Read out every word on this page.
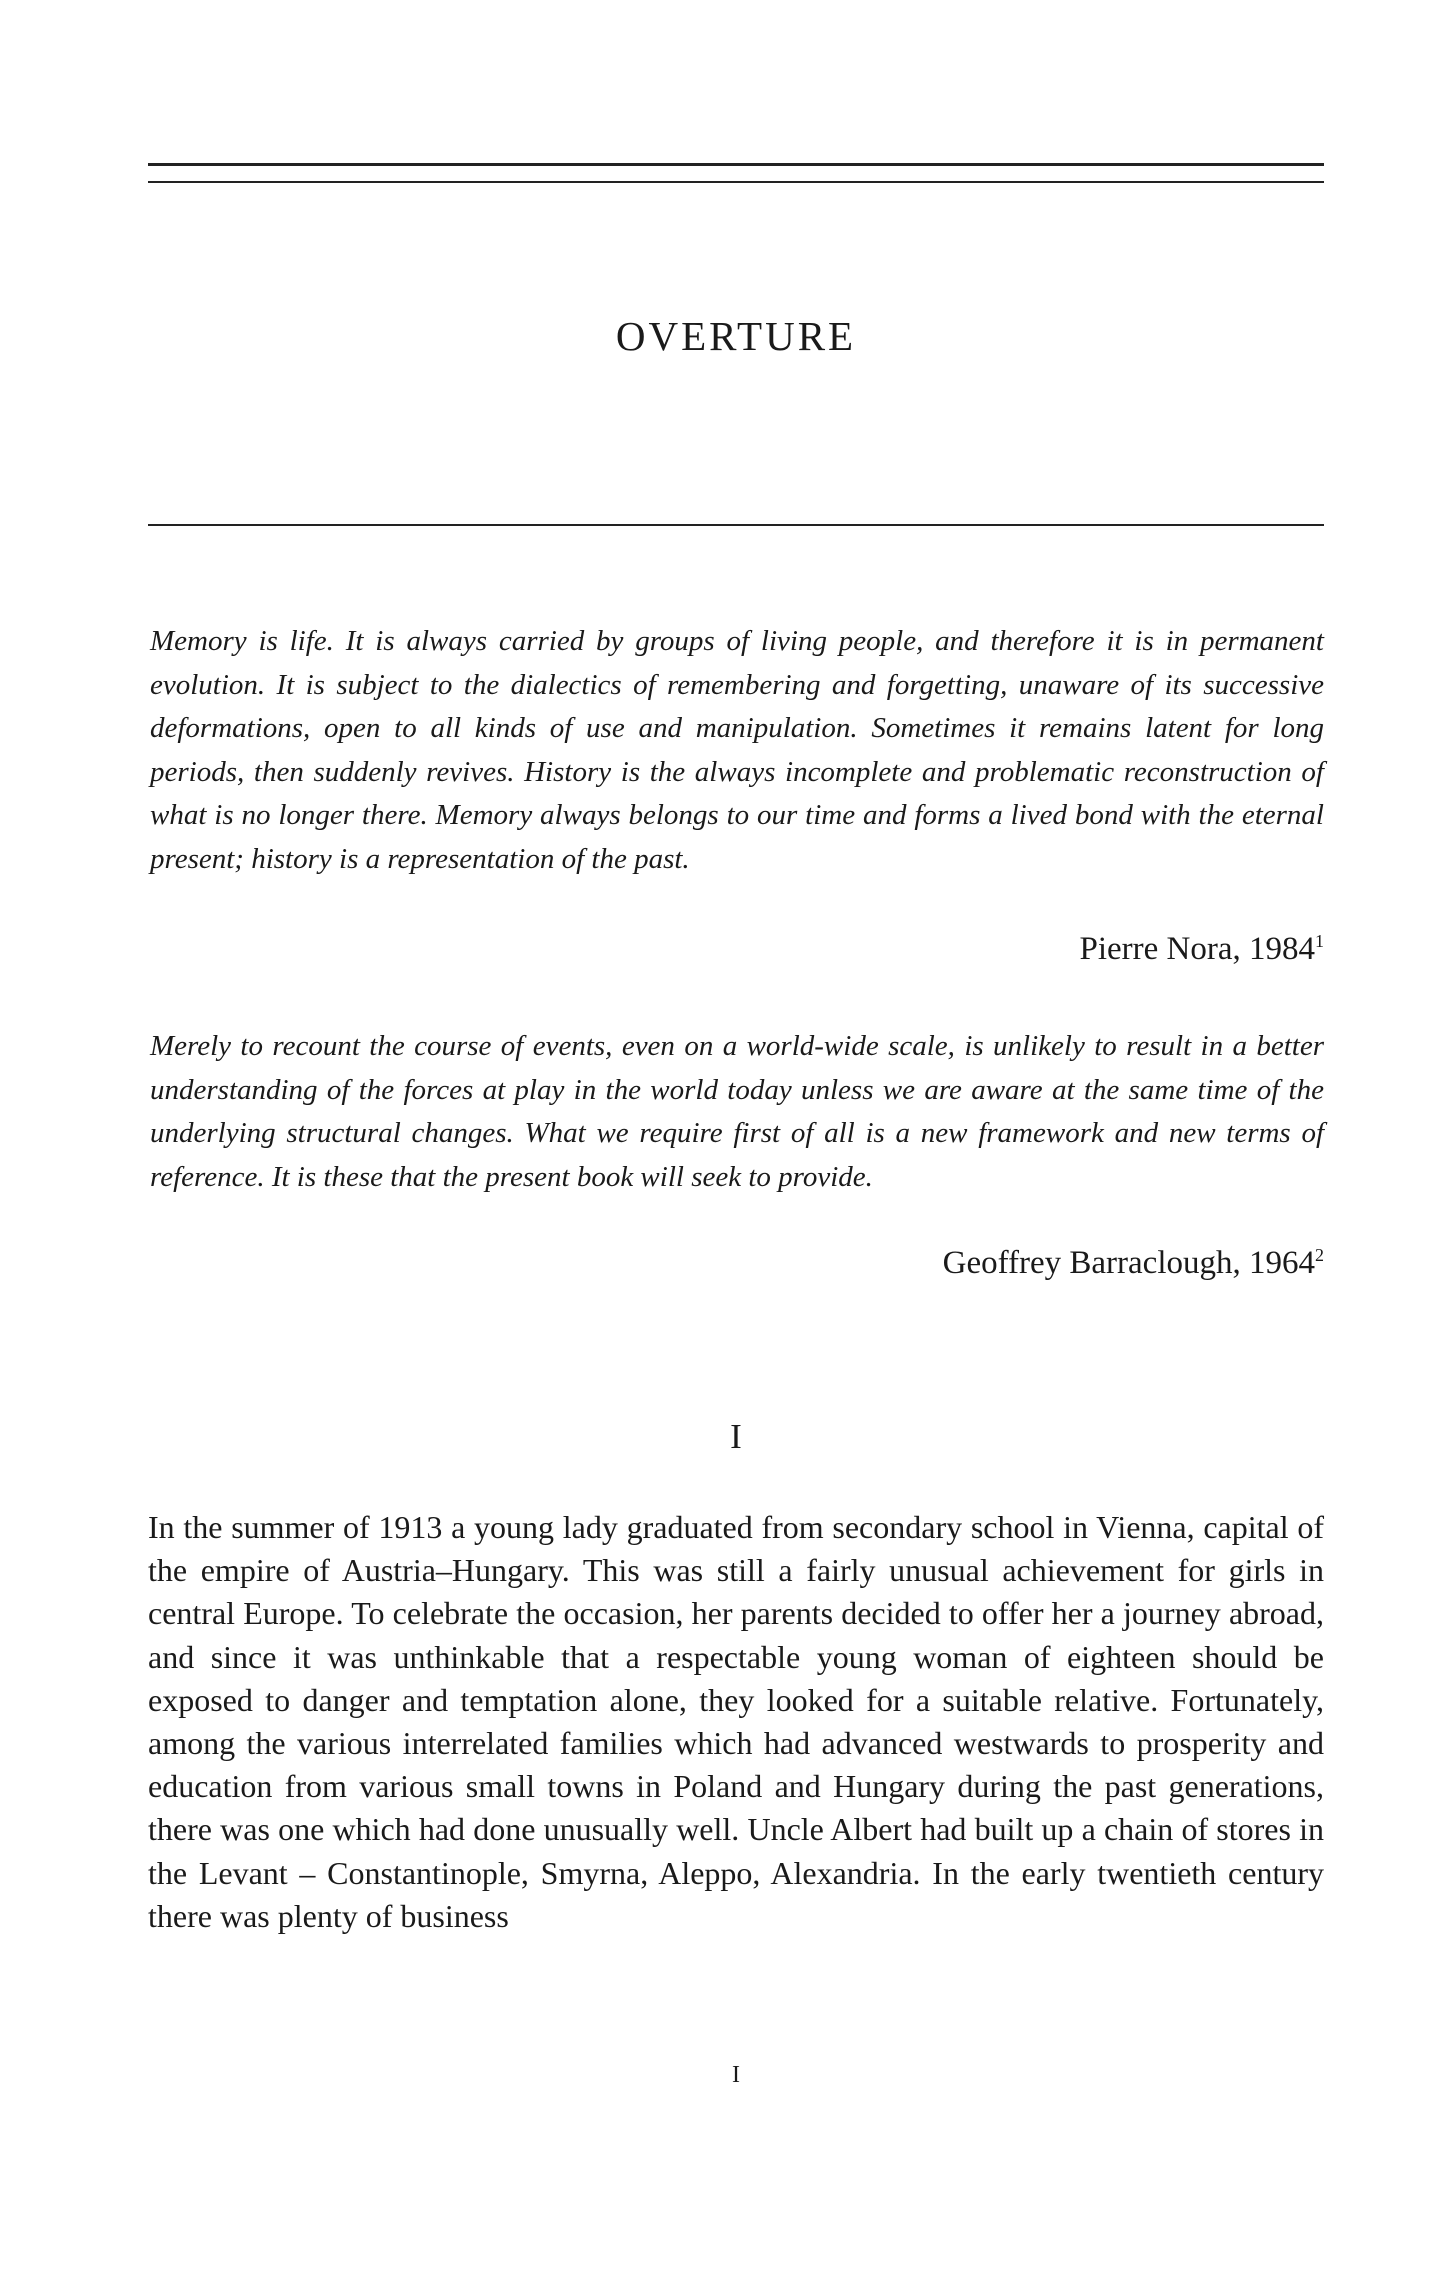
OVERTURE

Memory is life. It is always carried by groups of living people, and therefore it is in permanent evolution. It is subject to the dialectics of remembering and forgetting, unaware of its successive deformations, open to all kinds of use and manipulation. Sometimes it remains latent for long periods, then suddenly revives. History is the always incomplete and problematic reconstruction of what is no longer there. Memory always belongs to our time and forms a lived bond with the eternal present; history is a representation of the past.

Pierre Nora, 1984$^1$

Merely to recount the course of events, even on a world-wide scale, is unlikely to result in a better understanding of the forces at play in the world today unless we are aware at the same time of the underlying structural changes. What we require first of all is a new framework and new terms of reference. It is these that the present book will seek to provide.

Geoffrey Barraclough, 1964$^2$

I

In the summer of 1913 a young lady graduated from secondary school in Vienna, capital of the empire of Austria–Hungary. This was still a fairly unusual achievement for girls in central Europe. To celebrate the occasion, her parents decided to offer her a journey abroad, and since it was unthinkable that a respectable young woman of eighteen should be exposed to danger and temptation alone, they looked for a suitable relative. Fortunately, among the various interrelated families which had advanced westwards to prosperity and education from various small towns in Poland and Hungary during the past generations, there was one which had done unusually well. Uncle Albert had built up a chain of stores in the Levant – Constantinople, Smyrna, Aleppo, Alexandria. In the early twentieth century there was plenty of business

I
